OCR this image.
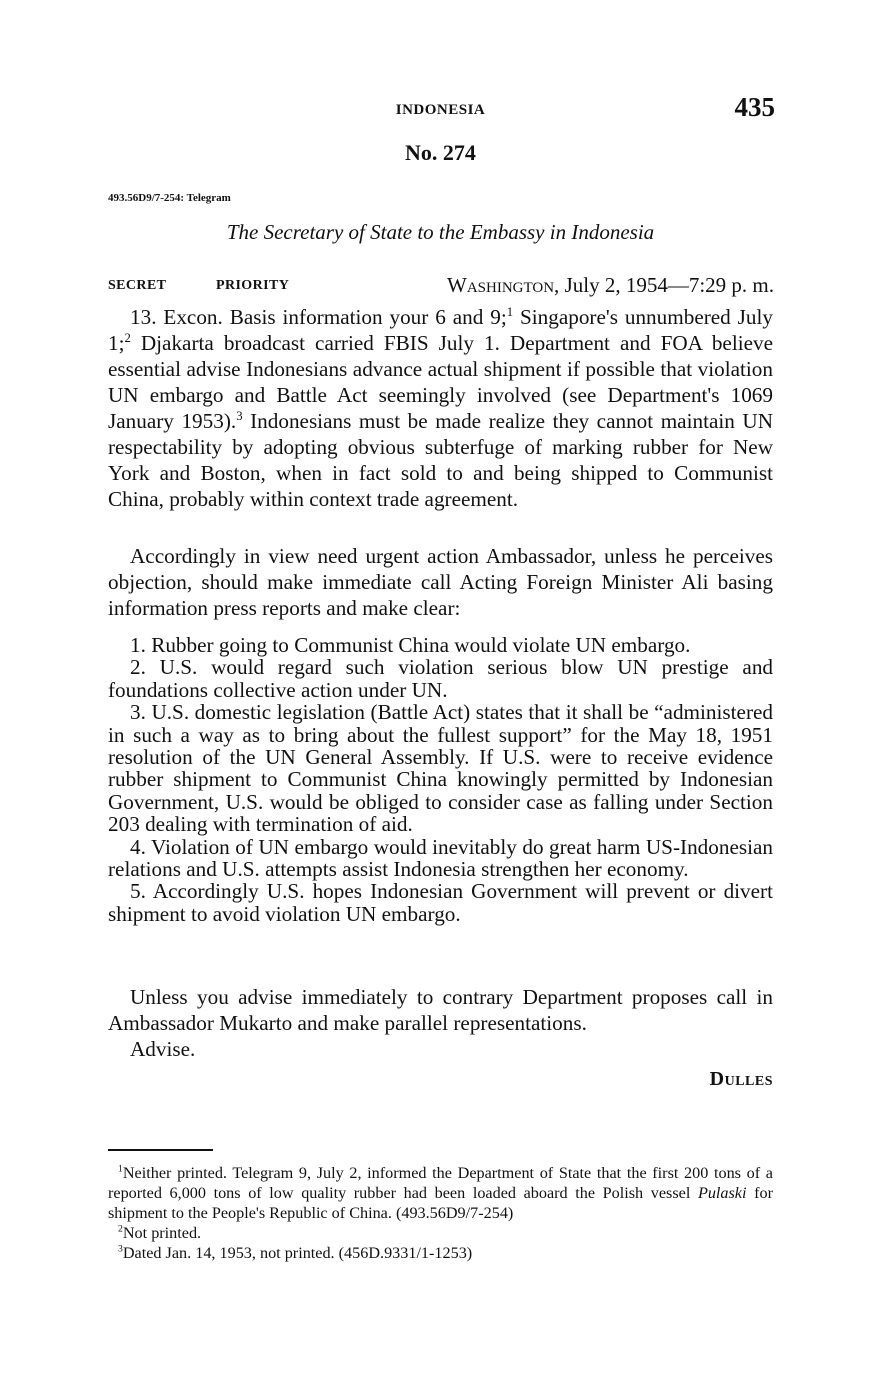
INDONESIA	435
No. 274
493.56D9/7-254: Telegram
The Secretary of State to the Embassy in Indonesia
SECRET	PRIORITY	Washington, July 2, 1954—7:29 p. m.

13. Excon. Basis information your 6 and 9;$^1$ Singapore's unnumbered July 1;$^2$ Djakarta broadcast carried FBIS July 1. Department and FOA believe essential advise Indonesians advance actual shipment if possible that violation UN embargo and Battle Act seemingly involved (see Department's 1069 January 1953).$^3$ Indonesians must be made realize they cannot maintain UN respectability by adopting obvious subterfuge of marking rubber for New York and Boston, when in fact sold to and being shipped to Communist China, probably within context trade agreement.

Accordingly in view need urgent action Ambassador, unless he perceives objection, should make immediate call Acting Foreign Minister Ali basing information press reports and make clear:

1. Rubber going to Communist China would violate UN embargo.

2. U.S. would regard such violation serious blow UN prestige and foundations collective action under UN.

3. U.S. domestic legislation (Battle Act) states that it shall be “administered in such a way as to bring about the fullest support” for the May 18, 1951 resolution of the UN General Assembly. If U.S. were to receive evidence rubber shipment to Communist China knowingly permitted by Indonesian Government, U.S. would be obliged to consider case as falling under Section 203 dealing with termination of aid.

4. Violation of UN embargo would inevitably do great harm US-Indonesian relations and U.S. attempts assist Indonesia strengthen her economy.

5. Accordingly U.S. hopes Indonesian Government will prevent or divert shipment to avoid violation UN embargo.

Unless you advise immediately to contrary Department proposes call in Ambassador Mukarto and make parallel representations.

Advise.

Dulles

$^1$Neither printed. Telegram 9, July 2, informed the Department of State that the first 200 tons of a reported 6,000 tons of low quality rubber had been loaded aboard the Polish vessel Pulaski for shipment to the People's Republic of China. (493.56D9/7-254)

$^2$Not printed.

$^3$Dated Jan. 14, 1953, not printed. (456D.9331/1-1253)
